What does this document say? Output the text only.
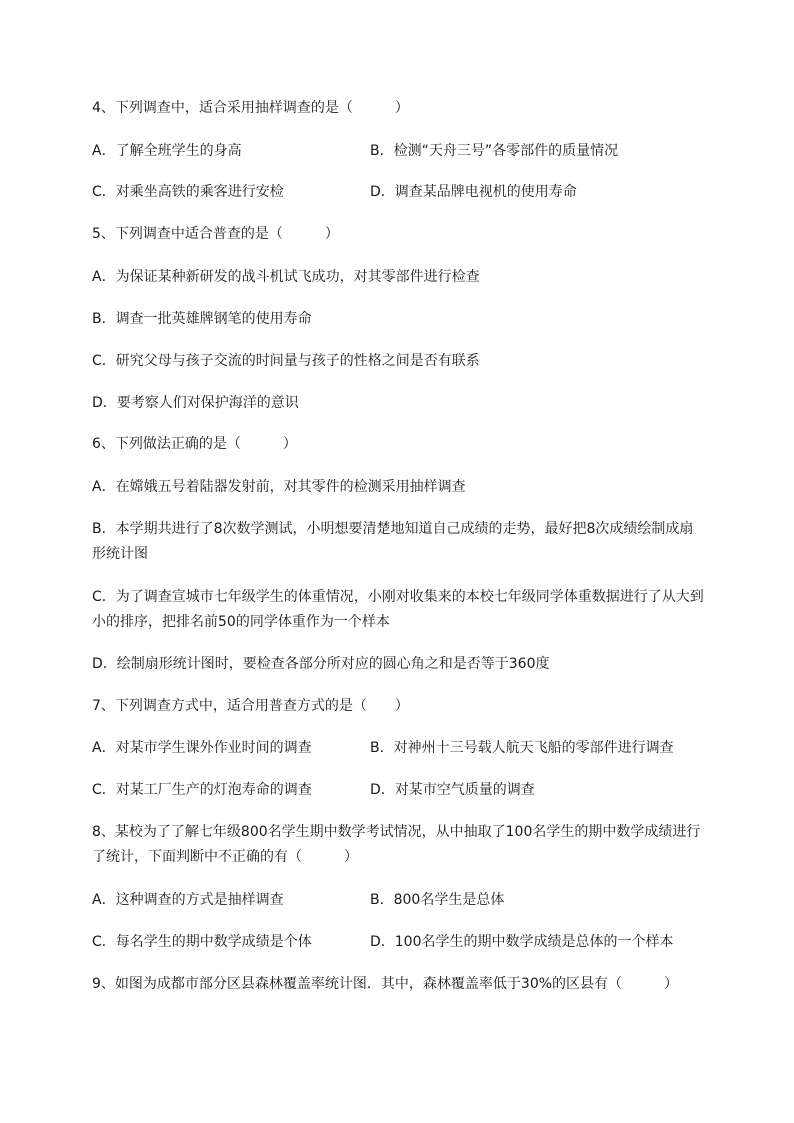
4、下列调查中，适合采用抽样调查的是（　　　）
A．了解全班学生的身高	B．检测“天舟三号”各零部件的质量情况
C．对乘坐高铁的乘客进行安检	D．调查某品牌电视机的使用寿命
5、下列调查中适合普查的是（　　　）
A．为保证某种新研发的战斗机试飞成功，对其零部件进行检查
B．调查一批英雄牌钢笔的使用寿命
C．研究父母与孩子交流的时间量与孩子的性格之间是否有联系
D．要考察人们对保护海洋的意识
6、下列做法正确的是（　　　）
A．在嫦娥五号着陆器发射前，对其零件的检测采用抽样调查
B．本学期共进行了8次数学测试，小明想要清楚地知道自己成绩的走势，最好把8次成绩绘制成扇
形统计图
C．为了调查宣城市七年级学生的体重情况，小刚对收集来的本校七年级同学体重数据进行了从大到
小的排序，把排名前50的同学体重作为一个样本
D．绘制扇形统计图时，要检查各部分所对应的圆心角之和是否等于360度
7、下列调查方式中，适合用普查方式的是（　　）
A．对某市学生课外作业时间的调查	B．对神州十三号载人航天飞船的零部件进行调查
C．对某工厂生产的灯泡寿命的调查	D．对某市空气质量的调查
8、某校为了了解七年级800名学生期中数学考试情况，从中抽取了100名学生的期中数学成绩进行
了统计，下面判断中不正确的有（　　　）
A．这种调查的方式是抽样调查	B．800名学生是总体
C．每名学生的期中数学成绩是个体	D．100名学生的期中数学成绩是总体的一个样本
9、如图为成都市部分区县森林覆盖率统计图．其中，森林覆盖率低于30%的区县有（　　　）
